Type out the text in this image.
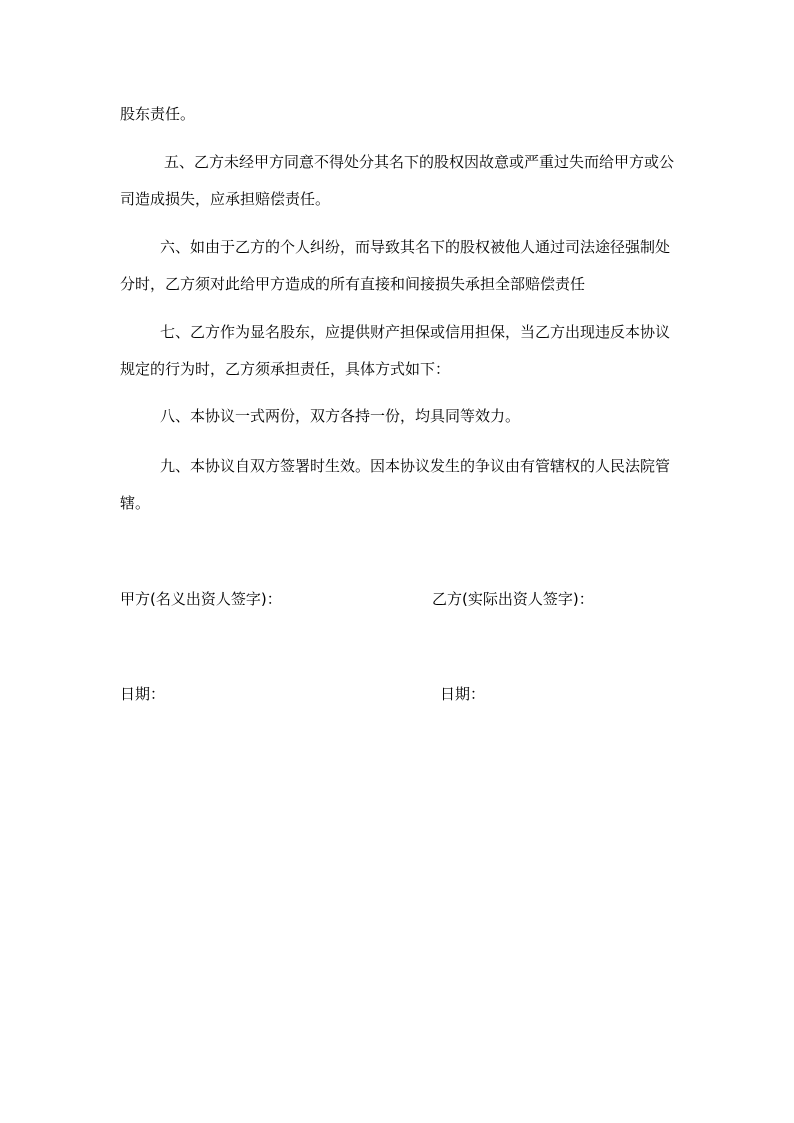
股东责任。
五、乙方未经甲方同意不得处分其名下的股权因故意或严重过失而给甲方或公司造成损失，应承担赔偿责任。
六、如由于乙方的个人纠纷，而导致其名下的股权被他人通过司法途径强制处分时，乙方须对此给甲方造成的所有直接和间接损失承担全部赔偿责任
七、乙方作为显名股东，应提供财产担保或信用担保，当乙方出现违反本协议规定的行为时，乙方须承担责任，具体方式如下：
八、本协议一式两份，双方各持一份，均具同等效力。
九、本协议自双方签署时生效。因本协议发生的争议由有管辖权的人民法院管辖。
甲方(名义出资人签字)：	乙方(实际出资人签字)：
日期：	日期：
